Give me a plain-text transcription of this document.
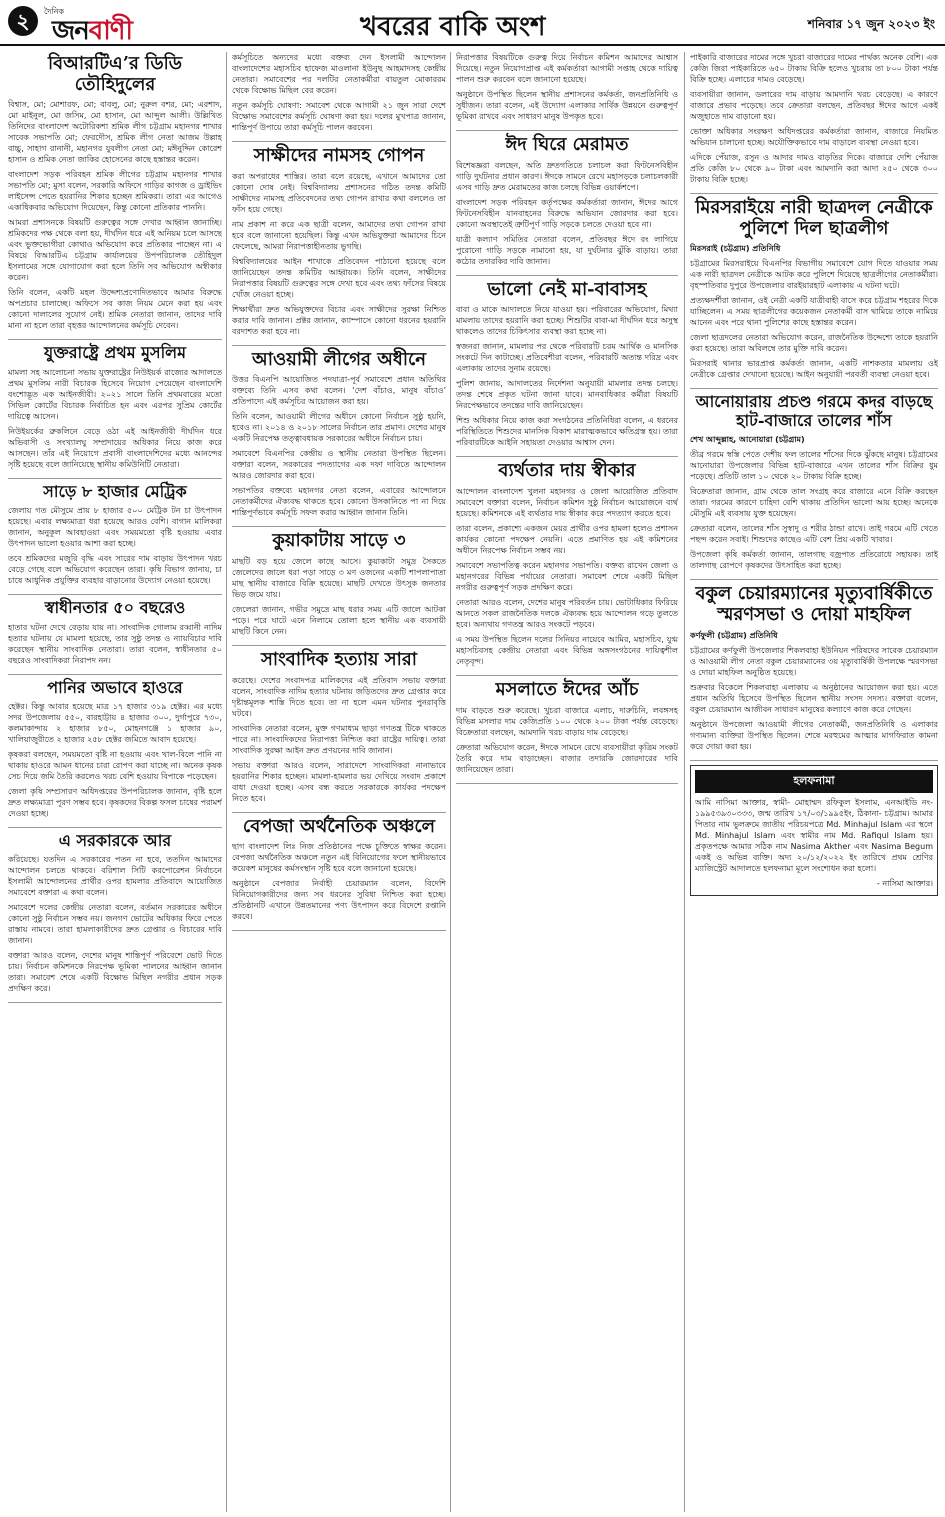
২	দৈনিক
জনবাণী	খবরের বাকি অংশ	শনিবার ১৭ জুন ২০২৩ ইং
বিআরটিএ’র ডিডি তৌহিদুলের

বিশ্বাস, মো; মোশারফ, মো; বাবলু, মো; নুরুল বশর, মো; এরশাদ, মো মাইনুল, মো জসিম, মো হাসান, মো আব্দুল আলী। উল্লিখিত তিনিদের বাংলাদেশ অটোরিকশা শ্রমিক লীগ চট্টগ্রাম মহানগর শাখার সাবেক সভাপতি মো; ফেরদৌস, শ্রমিক লীগ নেতা আজম উল্লাহ বাচ্চু, সাহাগ রানানী, মহানগর যুবলীগ নেতা মো; মঈনুদ্দিন কোরেশ হাসান ও শ্রমিক নেতা জাকির হোসেনের কাছে হস্তান্তর করেন।

বাংলাদেশ সড়ক পরিবহন শ্রমিক লীগের চট্টগ্রাম মহানগর শাখার সভাপতি মো; মুসা বলেন, সরকারি অফিসে গাড়ির কাগজ ও ড্রাইভিং লাইসেন্স পেতে হয়রানির শিকার হচ্ছেন শ্রমিকরা। তারা এর আগেও একাধিকবার অভিযোগ দিয়েছেন, কিন্তু কোনো প্রতিকার পাননি।

আমরা প্রশাসনকে বিষয়টি গুরুত্বের সঙ্গে দেখার আহ্বান জানাচ্ছি। শ্রমিকদের পক্ষ থেকে বলা হয়, দীর্ঘদিন ধরে এই অনিয়ম চলে আসছে এবং ভুক্তভোগীরা কোথাও অভিযোগ করে প্রতিকার পাচ্ছেন না। এ বিষয়ে বিআরটিএ চট্টগ্রাম কার্যালয়ের উপপরিচালক তৌহিদুল ইসলামের সঙ্গে যোগাযোগ করা হলে তিনি সব অভিযোগ অস্বীকার করেন।

তিনি বলেন, একটি মহল উদ্দেশ্যপ্রণোদিতভাবে আমার বিরুদ্ধে অপপ্রচার চালাচ্ছে। অফিসে সব কাজ নিয়ম মেনে করা হয় এবং কোনো দালালের সুযোগ নেই। শ্রমিক নেতারা জানান, তাদের দাবি মানা না হলে তারা বৃহত্তর আন্দোলনের কর্মসূচি দেবেন।

যুক্তরাষ্ট্রে প্রথম মুসলিম

মামলা সহ আলোচনা সভায় যুক্তরাষ্ট্রের নিউইয়র্ক রাজ্যের আদালতে প্রথম মুসলিম নারী বিচারক হিসেবে নিয়োগ পেয়েছেন বাংলাদেশি বংশোদ্ভূত এক আইনজীবী। ২০২১ সালে তিনি প্রথমবারের মতো সিভিল কোর্টের বিচারক নির্বাচিত হন এবং এরপর সুপ্রিম কোর্টের দায়িত্বে আসেন।

নিউইয়র্কের ব্রুকলিনে বেড়ে ওঠা এই আইনজীবী দীর্ঘদিন ধরে অভিবাসী ও সংখ্যালঘু সম্প্রদায়ের অধিকার নিয়ে কাজ করে আসছেন। তাঁর এই নিয়োগে প্রবাসী বাংলাদেশিদের মধ্যে আনন্দের সৃষ্টি হয়েছে বলে জানিয়েছে স্থানীয় কমিউনিটি নেতারা।

সাড়ে ৮ হাজার মেট্রিক

জেলায় গত মৌসুমে প্রায় ৮ হাজার ৫০০ মেট্রিক টন চা উৎপাদন হয়েছে। এবার লক্ষ্যমাত্রা ধরা হয়েছে আরও বেশি। বাগান মালিকরা জানান, অনুকূল আবহাওয়া এবং সময়মতো বৃষ্টি হওয়ায় এবার উৎপাদন ভালো হওয়ার আশা করা হচ্ছে।

তবে শ্রমিকদের মজুরি বৃদ্ধি এবং সারের দাম বাড়ায় উৎপাদন খরচ বেড়ে গেছে বলে অভিযোগ করেছেন তারা। কৃষি বিভাগ জানায়, চা চাষে আধুনিক প্রযুক্তির ব্যবহার বাড়ানোর উদ্যোগ নেওয়া হয়েছে।

স্বাধীনতার ৫০ বছরেও

হাতার ঘটনা দেখে বেড়ায় যায় না। সাংবাদিক গোলাম রব্বানী নাদিম হত্যার ঘটনায় যে মামলা হয়েছে, তার সুষ্ঠু তদন্ত ও ন্যায়বিচার দাবি করেছেন স্থানীয় সাংবাদিক নেতারা। তারা বলেন, স্বাধীনতার ৫০ বছরেও সাংবাদিকরা নিরাপদ নন।

পানির অভাবে হাওরে

হেক্টর। কিন্তু আবার হয়েছে মাত্র ১৭ হাজার ৩১৯ হেক্টর। এর মধ্যে সদর উপজেলায় ৫৫০, বারহাট্টায় ৪ হাজার ৩০০, দুর্গাপুরে ৭৩০, কলমাকান্দায় ২ হাজার ৮৫০, মোহনগঞ্জে ১ হাজার ৯০, খালিয়াজুরীতে ২ হাজার ২৫৮ হেক্টর জমিতে আবাদ হয়েছে।

কৃষকরা বলছেন, সময়মতো বৃষ্টি না হওয়ায় এবং খাল-বিলে পানি না থাকায় হাওরে আমন ধানের চারা রোপণ করা যাচ্ছে না। অনেক কৃষক সেচ দিয়ে জমি তৈরি করলেও খরচ বেশি হওয়ায় বিপাকে পড়েছেন।

জেলা কৃষি সম্প্রসারণ অধিদপ্তরের উপপরিচালক জানান, বৃষ্টি হলে দ্রুত লক্ষ্যমাত্রা পূরণ সম্ভব হবে। কৃষকদের বিকল্প ফসল চাষের পরামর্শ দেওয়া হচ্ছে।

এ সরকারকে আর

করিয়েছে। যতদিন এ সরকারের পতন না হবে, ততদিন আমাদের আন্দোলন চলতে থাকবে। বরিশাল সিটি করপোরেশন নির্বাচনে ইসলামী আন্দোলনের প্রার্থীর ওপর হামলার প্রতিবাদে আয়োজিত সমাবেশে বক্তারা এ কথা বলেন।

সমাবেশে দলের কেন্দ্রীয় নেতারা বলেন, বর্তমান সরকারের অধীনে কোনো সুষ্ঠু নির্বাচন সম্ভব নয়। জনগণ ভোটের অধিকার ফিরে পেতে রাস্তায় নামবে। তারা হামলাকারীদের দ্রুত গ্রেপ্তার ও বিচারের দাবি জানান।

বক্তারা আরও বলেন, দেশের মানুষ শান্তিপূর্ণ পরিবেশে ভোট দিতে চায়। নির্বাচন কমিশনকে নিরপেক্ষ ভূমিকা পালনের আহ্বান জানান তারা। সমাবেশ শেষে একটি বিক্ষোভ মিছিল নগরীর প্রধান সড়ক প্রদক্ষিণ করে।

কর্মসূচিতে অন্যদের মধ্যে বক্তব্য দেন ইসলামী আন্দোলন বাংলাদেশের মহাসচিব হাফেজ মাওলানা ইউনুছ আহমাদসহ কেন্দ্রীয় নেতারা। সমাবেশের পর দলটির নেতাকর্মীরা বায়তুল মোকাররম থেকে বিক্ষোভ মিছিল বের করেন।

নতুন কর্মসূচি ঘোষণা: সমাবেশ থেকে আগামী ২১ জুন সারা দেশে বিক্ষোভ সমাবেশের কর্মসূচি ঘোষণা করা হয়। দলের মুখপাত্র জানান, শান্তিপূর্ণ উপায়ে তারা কর্মসূচি পালন করবেন।

সাক্ষীদের নামসহ গোপন

করা অপরাধের শাস্তির। তারা বলে রয়েছে, এখানে আমাদের তো কোনো দোষ নেই। বিশ্ববিদ্যালয় প্রশাসনের গঠিত তদন্ত কমিটি সাক্ষীদের নামসহ প্রতিবেদনের তথ্য গোপন রাখার কথা বললেও তা ফাঁস হয়ে গেছে।

নাম প্রকাশ না করে এক ছাত্রী বলেন, আমাদের তথ্য গোপন রাখা হবে বলে জানানো হয়েছিল। কিন্তু এখন অভিযুক্তরা আমাদের চিনে ফেলেছে, আমরা নিরাপত্তাহীনতায় ভুগছি।

বিশ্ববিদ্যালয়ের আইন শাখাকে প্রতিবেদন পাঠানো হয়েছে বলে জানিয়েছেন তদন্ত কমিটির আহ্বায়ক। তিনি বলেন, সাক্ষীদের নিরাপত্তার বিষয়টি গুরুত্বের সঙ্গে দেখা হবে এবং তথ্য ফাঁসের বিষয়ে খোঁজ নেওয়া হচ্ছে।

শিক্ষার্থীরা দ্রুত অভিযুক্তদের বিচার এবং সাক্ষীদের সুরক্ষা নিশ্চিত করার দাবি জানান। প্রক্টর জানান, ক্যাম্পাসে কোনো ধরনের হয়রানি বরদাশত করা হবে না।

আওয়ামী লীগের অধীনে

উত্তর বিএনপি আয়োজিত পদযাত্রা-পূর্ব সমাবেশে প্রধান অতিথির বক্তব্যে তিনি এসব কথা বলেন। ‘দেশ বাঁচাও, মানুষ বাঁচাও’ প্রতিপাদ্যে এই কর্মসূচির আয়োজন করা হয়।

তিনি বলেন, আওয়ামী লীগের অধীনে কোনো নির্বাচন সুষ্ঠু হয়নি, হবেও না। ২০১৪ ও ২০১৮ সালের নির্বাচন তার প্রমাণ। দেশের মানুষ একটি নিরপেক্ষ তত্ত্বাবধায়ক সরকারের অধীনে নির্বাচন চায়।

সমাবেশে বিএনপির কেন্দ্রীয় ও স্থানীয় নেতারা উপস্থিত ছিলেন। বক্তারা বলেন, সরকারের পদত্যাগের এক দফা দাবিতে আন্দোলন আরও জোরদার করা হবে।

সভাপতির বক্তব্যে মহানগর নেতা বলেন, এবারের আন্দোলনে নেতাকর্মীদের ঐক্যবদ্ধ থাকতে হবে। কোনো উসকানিতে পা না দিয়ে শান্তিপূর্ণভাবে কর্মসূচি সফল করার আহ্বান জানান তিনি।

কুয়াকাটায় সাড়ে ৩

মাছটি বড় হয়ে জেলে কাছে আসে। কুয়াকাটা সমুদ্র সৈকতে জেলেদের জালে ধরা পড়া সাড়ে ৩ মণ ওজনের একটি শাপলাপাতা মাছ স্থানীয় বাজারে বিক্রি হয়েছে। মাছটি দেখতে উৎসুক জনতার ভিড় জমে যায়।

জেলেরা জানান, গভীর সমুদ্রে মাছ ধরার সময় এটি জালে আটকা পড়ে। পরে ঘাটে এনে নিলামে তোলা হলে স্থানীয় এক ব্যবসায়ী মাছটি কিনে নেন।

সাংবাদিক হত্যায় সারা

করেছে। দেশের সংবাদপত্র মালিকদের এই প্রতিবাদ সভায় বক্তারা বলেন, সাংবাদিক নাদিম হত্যার ঘটনায় জড়িতদের দ্রুত গ্রেপ্তার করে দৃষ্টান্তমূলক শাস্তি দিতে হবে। তা না হলে এমন ঘটনার পুনরাবৃত্তি ঘটবে।

সাংবাদিক নেতারা বলেন, মুক্ত গণমাধ্যম ছাড়া গণতন্ত্র টিকে থাকতে পারে না। সাংবাদিকদের নিরাপত্তা নিশ্চিত করা রাষ্ট্রের দায়িত্ব। তারা সাংবাদিক সুরক্ষা আইন দ্রুত প্রণয়নের দাবি জানান।

সভায় বক্তারা আরও বলেন, সারাদেশে সাংবাদিকরা নানাভাবে হয়রানির শিকার হচ্ছেন। মামলা-হামলার ভয় দেখিয়ে সংবাদ প্রকাশে বাধা দেওয়া হচ্ছে। এসব বন্ধ করতে সরকারকে কার্যকর পদক্ষেপ নিতে হবে।

বেপজা অর্থনৈতিক অঞ্চলে

ছাগ বাংলাদেশ লিঃ নিজ প্রতিষ্ঠানের পক্ষে চুক্তিতে স্বাক্ষর করেন। বেপজা অর্থনৈতিক অঞ্চলে নতুন এই বিনিয়োগের ফলে স্থানীয়ভাবে কয়েকশ মানুষের কর্মসংস্থান সৃষ্টি হবে বলে জানানো হয়েছে।

অনুষ্ঠানে বেপজার নির্বাহী চেয়ারম্যান বলেন, বিদেশি বিনিয়োগকারীদের জন্য সব ধরনের সুবিধা নিশ্চিত করা হচ্ছে। প্রতিষ্ঠানটি এখানে উন্নতমানের পণ্য উৎপাদন করে বিদেশে রপ্তানি করবে।

নিরাপত্তার বিষয়টিকে গুরুত্ব দিয়ে নির্বাচন কমিশন আমাদের আশ্বাস দিয়েছে। নতুন নিয়োগপ্রাপ্ত এই কর্মকর্তারা আগামী সপ্তাহ থেকে দায়িত্ব পালন শুরু করবেন বলে জানানো হয়েছে।

অনুষ্ঠানে উপস্থিত ছিলেন স্থানীয় প্রশাসনের কর্মকর্তা, জনপ্রতিনিধি ও সুধীজন। তারা বলেন, এই উদ্যোগ এলাকার সার্বিক উন্নয়নে গুরুত্বপূর্ণ ভূমিকা রাখবে এবং সাধারণ মানুষ উপকৃত হবে।

ঈদ ঘিরে মেরামত

বিশেষজ্ঞরা বলছেন, অতি দ্রুতগতিতে চলাচল করা ফিটনেসবিহীন গাড়ি দুর্ঘটনার প্রধান কারণ। ঈদকে সামনে রেখে মহাসড়কে চলাচলকারী এসব গাড়ি দ্রুত মেরামতের কাজ চলছে বিভিন্ন ওয়ার্কশপে।

বাংলাদেশ সড়ক পরিবহন কর্তৃপক্ষের কর্মকর্তারা জানান, ঈদের আগে ফিটনেসবিহীন যানবাহনের বিরুদ্ধে অভিযান জোরদার করা হবে। কোনো অবস্থাতেই ত্রুটিপূর্ণ গাড়ি সড়কে চলতে দেওয়া হবে না।

যাত্রী কল্যাণ সমিতির নেতারা বলেন, প্রতিবছর ঈদে রং লাগিয়ে পুরোনো গাড়ি সড়কে নামানো হয়, যা দুর্ঘটনার ঝুঁকি বাড়ায়। তারা কঠোর তদারকির দাবি জানান।

ভালো নেই মা-বাবাসহ

বাবা ও মাকে আদালতে নিয়ে যাওয়া হয়। পরিবারের অভিযোগ, মিথ্যা মামলায় তাদের হয়রানি করা হচ্ছে। শিশুটির বাবা-মা দীর্ঘদিন ধরে অসুস্থ থাকলেও তাদের চিকিৎসার ব্যবস্থা করা হচ্ছে না।

স্বজনরা জানান, মামলার পর থেকে পরিবারটি চরম আর্থিক ও মানসিক সংকটে দিন কাটাচ্ছে। প্রতিবেশীরা বলেন, পরিবারটি অত্যন্ত দরিদ্র এবং এলাকায় তাদের সুনাম রয়েছে।

পুলিশ জানায়, আদালতের নির্দেশনা অনুযায়ী মামলার তদন্ত চলছে। তদন্ত শেষে প্রকৃত ঘটনা জানা যাবে। মানবাধিকার কর্মীরা বিষয়টি নিরপেক্ষভাবে তদন্তের দাবি জানিয়েছেন।

শিশু অধিকার নিয়ে কাজ করা সংগঠনের প্রতিনিধিরা বলেন, এ ধরনের পরিস্থিতিতে শিশুদের মানসিক বিকাশ মারাত্মকভাবে ক্ষতিগ্রস্ত হয়। তারা পরিবারটিকে আইনি সহায়তা দেওয়ার আশ্বাস দেন।

ব্যর্থতার দায় স্বীকার

আন্দোলন বাংলাদেশ খুলনা মহানগর ও জেলা আয়োজিত প্রতিবাদ সমাবেশে বক্তারা বলেন, নির্বাচন কমিশন সুষ্ঠু নির্বাচন আয়োজনে ব্যর্থ হয়েছে। কমিশনকে এই ব্যর্থতার দায় স্বীকার করে পদত্যাগ করতে হবে।

তারা বলেন, প্রকাশ্যে একজন মেয়র প্রার্থীর ওপর হামলা হলেও প্রশাসন কার্যকর কোনো পদক্ষেপ নেয়নি। এতে প্রমাণিত হয় এই কমিশনের অধীনে নিরপেক্ষ নির্বাচন সম্ভব নয়।

সমাবেশে সভাপতিত্ব করেন মহানগর সভাপতি। বক্তব্য রাখেন জেলা ও মহানগরের বিভিন্ন পর্যায়ের নেতারা। সমাবেশ শেষে একটি মিছিল নগরীর গুরুত্বপূর্ণ সড়ক প্রদক্ষিণ করে।

নেতারা আরও বলেন, দেশের মানুষ পরিবর্তন চায়। ভোটাধিকার ফিরিয়ে আনতে সকল রাজনৈতিক দলকে ঐক্যবদ্ধ হয়ে আন্দোলন গড়ে তুলতে হবে। অন্যথায় গণতন্ত্র আরও সংকটে পড়বে।

এ সময় উপস্থিত ছিলেন দলের সিনিয়র নায়েবে আমির, মহাসচিব, যুগ্ম মহাসচিবসহ কেন্দ্রীয় নেতারা এবং বিভিন্ন অঙ্গসংগঠনের দায়িত্বশীল নেতৃবৃন্দ।

মসলাতে ঈদের আঁচ

দাম বাড়তে শুরু করেছে। খুচরা বাজারে এলাচ, দারুচিনি, লবঙ্গসহ বিভিন্ন মসলার দাম কেজিপ্রতি ১০০ থেকে ২০০ টাকা পর্যন্ত বেড়েছে। বিক্রেতারা বলছেন, আমদানি খরচ বাড়ায় দাম বেড়েছে।

ক্রেতারা অভিযোগ করেন, ঈদকে সামনে রেখে ব্যবসায়ীরা কৃত্রিম সংকট তৈরি করে দাম বাড়াচ্ছেন। বাজার তদারকি জোরদারের দাবি জানিয়েছেন তারা।

পাইকারি বাজারের দামের সঙ্গে খুচরা বাজারের দামের পার্থক্য অনেক বেশি। এক কেজি জিরা পাইকারিতে ৬৫০ টাকায় বিক্রি হলেও খুচরায় তা ৮০০ টাকা পর্যন্ত বিক্রি হচ্ছে। এলাচের দামও বেড়েছে।

ব্যবসায়ীরা জানান, ডলারের দাম বাড়ায় আমদানি খরচ বেড়েছে। এ কারণে বাজারে প্রভাব পড়েছে। তবে ক্রেতারা বলছেন, প্রতিবছর ঈদের আগে একই অজুহাতে দাম বাড়ানো হয়।

ভোক্তা অধিকার সংরক্ষণ অধিদপ্তরের কর্মকর্তারা জানান, বাজারে নিয়মিত অভিযান চালানো হচ্ছে। অযৌক্তিকভাবে দাম বাড়ালে ব্যবস্থা নেওয়া হবে।

এদিকে পেঁয়াজ, রসুন ও আদার দামও বাড়তির দিকে। বাজারে দেশি পেঁয়াজ প্রতি কেজি ৮০ থেকে ৯০ টাকা এবং আমদানি করা আদা ২৫০ থেকে ৩০০ টাকায় বিক্রি হচ্ছে।

মিরসরাইয়ে নারী ছাত্রদল নেত্রীকে পুলিশে দিল ছাত্রলীগ
মিরসরাই (চট্টগ্রাম) প্রতিনিধি

চট্টগ্রামের মিরসরাইয়ে বিএনপির বিভাগীয় সমাবেশে যোগ দিতে যাওয়ার সময় এক নারী ছাত্রদল নেত্রীকে আটক করে পুলিশে দিয়েছে ছাত্রলীগের নেতাকর্মীরা। বৃহস্পতিবার দুপুরে উপজেলার বারইয়ারহাট এলাকায় এ ঘটনা ঘটে।

প্রত্যক্ষদর্শীরা জানান, ওই নেত্রী একটি যাত্রীবাহী বাসে করে চট্টগ্রাম শহরের দিকে যাচ্ছিলেন। এ সময় ছাত্রলীগের কয়েকজন নেতাকর্মী বাস থামিয়ে তাকে নামিয়ে আনেন এবং পরে থানা পুলিশের কাছে হস্তান্তর করেন।

জেলা ছাত্রদলের নেতারা অভিযোগ করেন, রাজনৈতিক উদ্দেশ্যে তাকে হয়রানি করা হয়েছে। তারা অবিলম্বে তার মুক্তি দাবি করেন।

মিরসরাই থানার ভারপ্রাপ্ত কর্মকর্তা জানান, একটি নাশকতার মামলায় ওই নেত্রীকে গ্রেপ্তার দেখানো হয়েছে। আইন অনুযায়ী পরবর্তী ব্যবস্থা নেওয়া হবে।

আনোয়ারায় প্রচণ্ড গরমে কদর বাড়ছে হাট-বাজারে তালের শাঁস
শেখ আব্দুল্লাহ, আনোয়ারা (চট্টগ্রাম)

তীব্র গরমে স্বস্তি পেতে দেশীয় ফল তালের শাঁসের দিকে ঝুঁকছে মানুষ। চট্টগ্রামের আনোয়ারা উপজেলার বিভিন্ন হাট-বাজারে এখন তালের শাঁস বিক্রির ধুম পড়েছে। প্রতিটি তাল ১০ থেকে ২০ টাকায় বিক্রি হচ্ছে।

বিক্রেতারা জানান, গ্রাম থেকে তাল সংগ্রহ করে বাজারে এনে বিক্রি করছেন তারা। গরমের কারণে চাহিদা বেশি থাকায় প্রতিদিন ভালো আয় হচ্ছে। অনেকে মৌসুমি এই ব্যবসায় যুক্ত হয়েছেন।

ক্রেতারা বলেন, তালের শাঁস সুস্বাদু ও শরীর ঠান্ডা রাখে। তাই গরমে এটি খেতে পছন্দ করেন সবাই। শিশুদের কাছেও এটি বেশ প্রিয় একটি খাবার।

উপজেলা কৃষি কর্মকর্তা জানান, তালগাছ বজ্রপাত প্রতিরোধে সহায়ক। তাই তালগাছ রোপণে কৃষকদের উৎসাহিত করা হচ্ছে।

বকুল চেয়ারম্যানের মৃত্যুবার্ষিকীতে স্মরণসভা ও দোয়া মাহফিল
কর্ণফুলী (চট্টগ্রাম) প্রতিনিধি

চট্টগ্রামের কর্ণফুলী উপজেলার শিকলবাহা ইউনিয়ন পরিষদের সাবেক চেয়ারম্যান ও আওয়ামী লীগ নেতা বকুল চেয়ারম্যানের ৩য় মৃত্যুবার্ষিকী উপলক্ষে স্মরণসভা ও দোয়া মাহফিল অনুষ্ঠিত হয়েছে।

শুক্রবার বিকেলে শিকলবাহা এলাকায় এ অনুষ্ঠানের আয়োজন করা হয়। এতে প্রধান অতিথি হিসেবে উপস্থিত ছিলেন স্থানীয় সংসদ সদস্য। বক্তারা বলেন, বকুল চেয়ারম্যান আজীবন সাধারণ মানুষের কল্যাণে কাজ করে গেছেন।

অনুষ্ঠানে উপজেলা আওয়ামী লীগের নেতাকর্মী, জনপ্রতিনিধি ও এলাকার গণ্যমান্য ব্যক্তিরা উপস্থিত ছিলেন। শেষে মরহুমের আত্মার মাগফিরাত কামনা করে দোয়া করা হয়।

হলফনামা

আমি নাসিমা আক্তার, স্বামী- মোহাম্মদ রফিকুল ইসলাম, এনআইডি নং- ১৯৯৫৩৯৩০৩৩৩, জন্ম তারিখ ১৭/০৩/১৯৯৫ইং, ঠিকানা- চট্টগ্রাম। আমার পিতার নাম ভুলক্রমে জাতীয় পরিচয়পত্রে Md. Minhajul Islam এর স্থলে Md. Minhajul Islam এবং স্বামীর নাম Md. Rafiqul Islam হয়। প্রকৃতপক্ষে আমার সঠিক নাম Nasima Akther এবং Nasima Begum একই ও অভিন্ন ব্যক্তি। অদ্য ২০/১২/২০২২ ইং তারিখে প্রথম শ্রেণির ম্যাজিস্ট্রেট আদালতে হলফনামা মূলে সংশোধন করা হলো।

- নাসিমা আক্তার।
